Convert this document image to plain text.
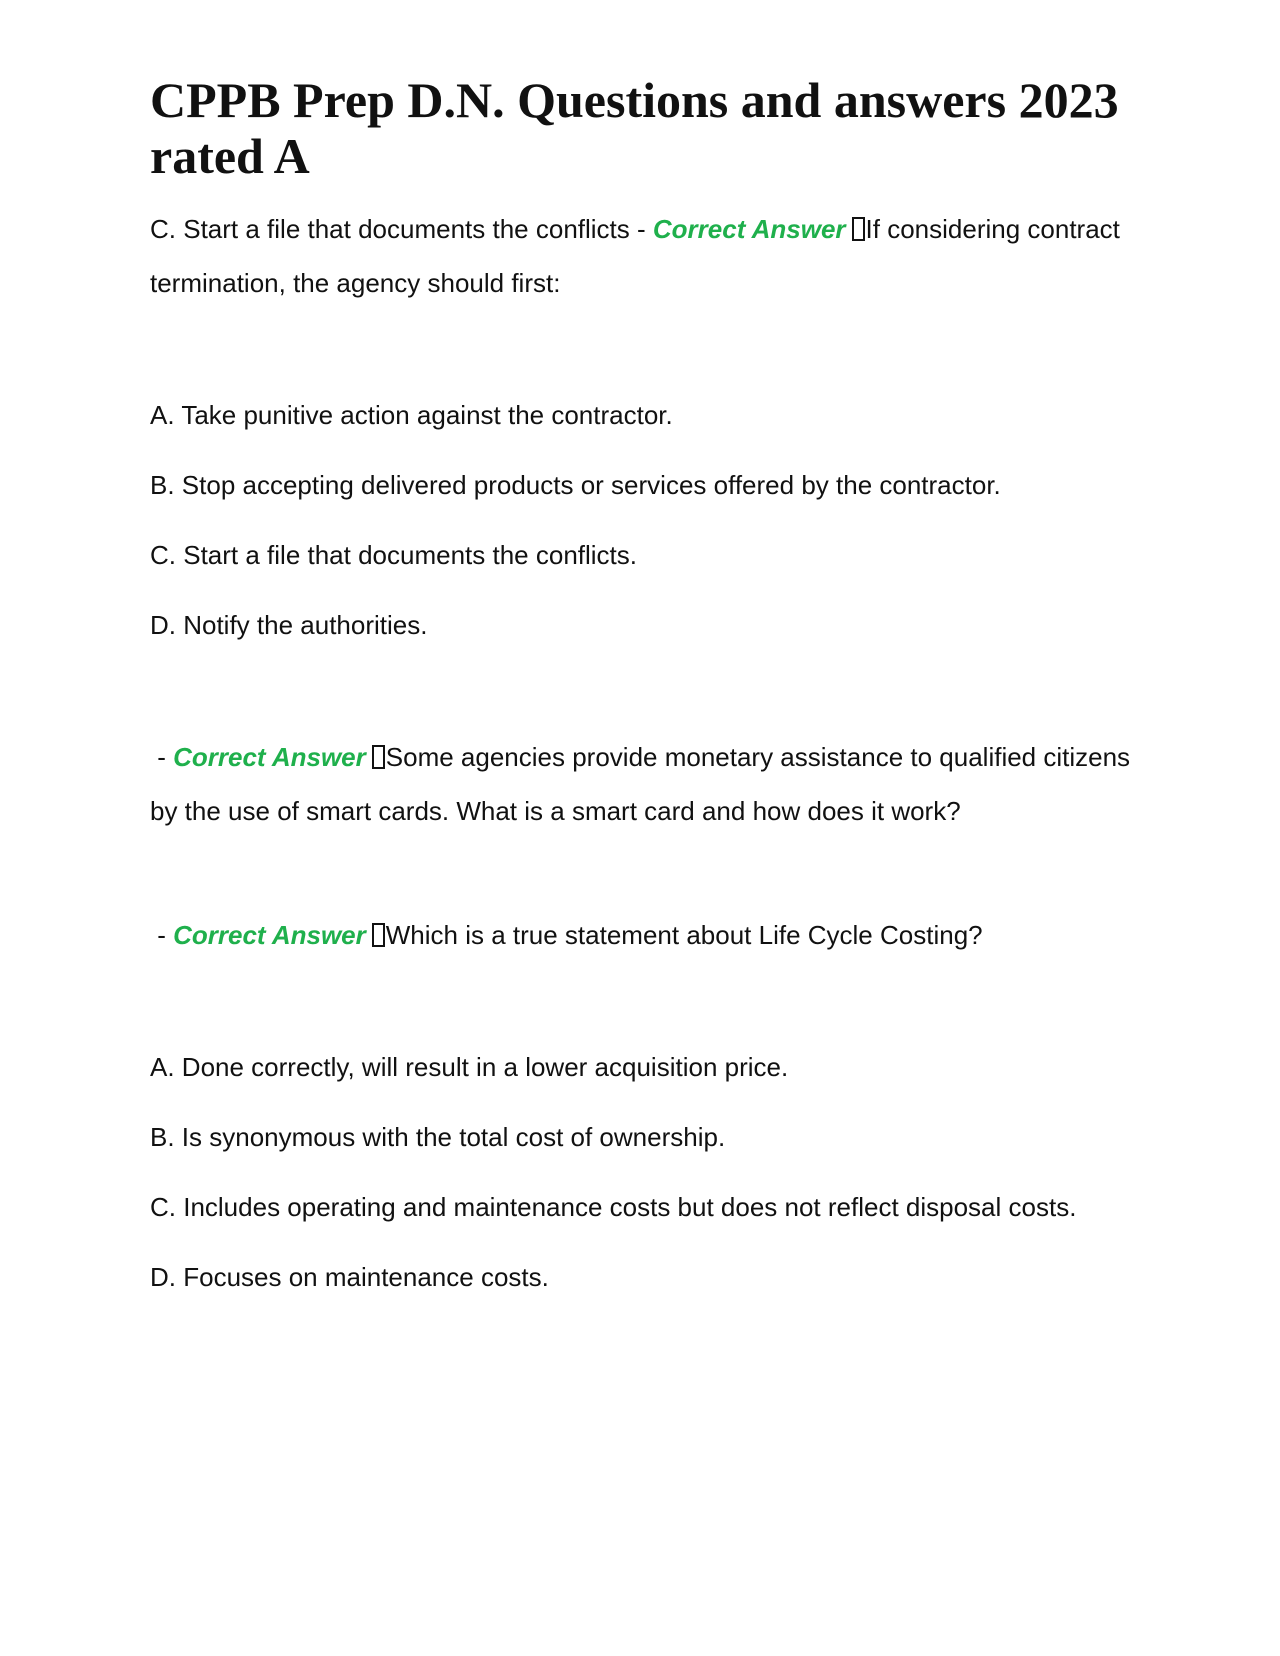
CPPB Prep D.N. Questions and answers 2023 rated A

C. Start a file that documents the conflicts - Correct Answer If considering contract termination, the agency should first:

A. Take punitive action against the contractor.

B. Stop accepting delivered products or services offered by the contractor.

C. Start a file that documents the conflicts.

D. Notify the authorities.

- Correct Answer Some agencies provide monetary assistance to qualified citizens by the use of smart cards. What is a smart card and how does it work?

- Correct Answer Which is a true statement about Life Cycle Costing?

A. Done correctly, will result in a lower acquisition price.

B. Is synonymous with the total cost of ownership.

C. Includes operating and maintenance costs but does not reflect disposal costs.

D. Focuses on maintenance costs.
